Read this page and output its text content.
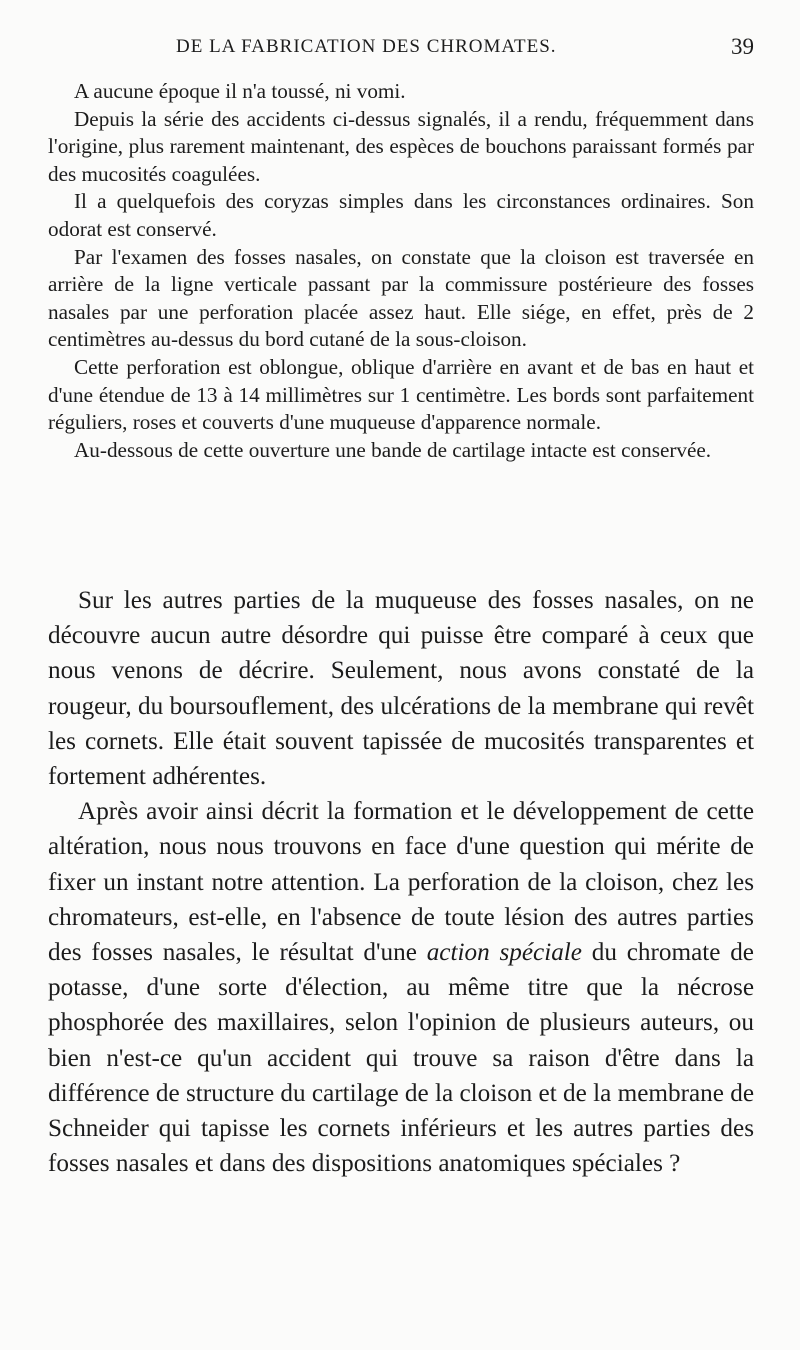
DE LA FABRICATION DES CHROMATES.	39

A aucune époque il n'a toussé, ni vomi.

Depuis la série des accidents ci-dessus signalés, il a rendu, fréquemment dans l'origine, plus rarement maintenant, des espèces de bouchons paraissant formés par des mucosités coagulées.

Il a quelquefois des coryzas simples dans les circonstances ordinaires. Son odorat est conservé.

Par l'examen des fosses nasales, on constate que la cloison est traversée en arrière de la ligne verticale passant par la commissure postérieure des fosses nasales par une perforation placée assez haut. Elle siége, en effet, près de 2 centimètres au-dessus du bord cutané de la sous-cloison.

Cette perforation est oblongue, oblique d'arrière en avant et de bas en haut et d'une étendue de 13 à 14 millimètres sur 1 centimètre. Les bords sont parfaitement réguliers, roses et couverts d'une muqueuse d'apparence normale.

Au-dessous de cette ouverture une bande de cartilage intacte est conservée.

Sur les autres parties de la muqueuse des fosses nasales, on ne découvre aucun autre désordre qui puisse être comparé à ceux que nous venons de décrire. Seulement, nous avons constaté de la rougeur, du boursouflement, des ulcérations de la membrane qui revêt les cornets. Elle était souvent tapissée de mucosités transparentes et fortement adhérentes.

Après avoir ainsi décrit la formation et le développement de cette altération, nous nous trouvons en face d'une question qui mérite de fixer un instant notre attention. La perforation de la cloison, chez les chromateurs, est-elle, en l'absence de toute lésion des autres parties des fosses nasales, le résultat d'une action spéciale du chromate de potasse, d'une sorte d'élection, au même titre que la nécrose phosphorée des maxillaires, selon l'opinion de plusieurs auteurs, ou bien n'est-ce qu'un accident qui trouve sa raison d'être dans la différence de structure du cartilage de la cloison et de la membrane de Schneider qui tapisse les cornets inférieurs et les autres parties des fosses nasales et dans des dispositions anatomiques spéciales ?
